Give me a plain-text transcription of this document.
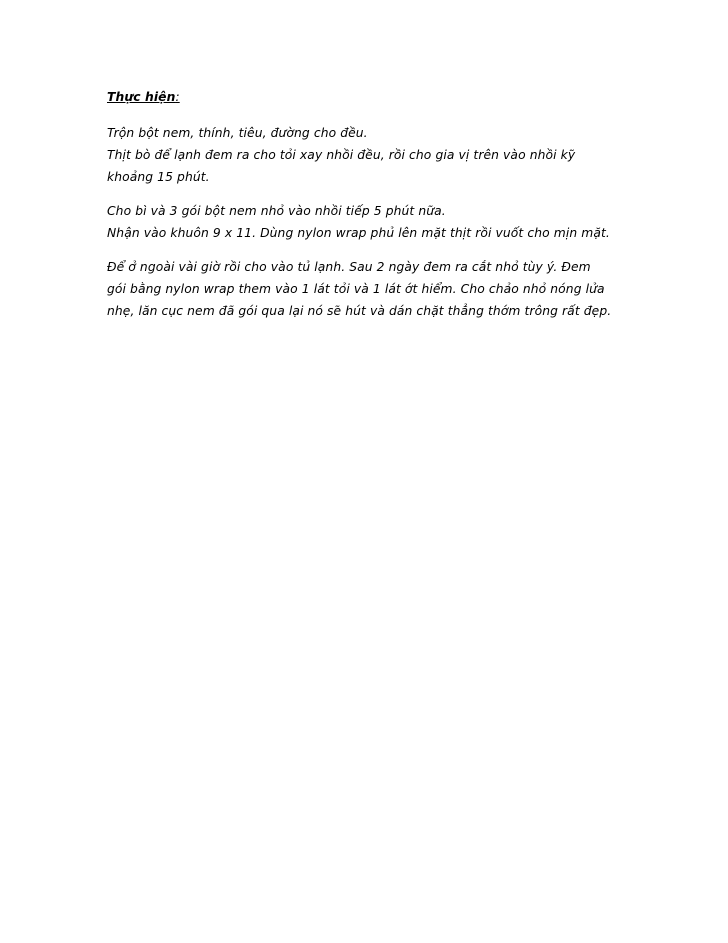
Thực hiện:
Trộn bột nem, thính, tiêu, đường cho đều.
Thịt bò để lạnh đem ra cho tỏi xay nhồi đều, rồi cho gia vị trên vào nhồi kỹ
khoảng 15 phút.
Cho bì và 3 gói bột nem nhỏ vào nhồi tiếp 5 phút nữa.
Nhận vào khuôn 9 x 11. Dùng nylon wrap phủ lên mặt thịt rồi vuốt cho mịn mặt.
Để ở ngoài vài giờ rồi cho vào tủ lạnh. Sau 2 ngày đem ra cắt nhỏ tùy ý. Đem
gói bằng nylon wrap them vào 1 lát tỏi và 1 lát ớt hiểm. Cho chảo nhỏ nóng lửa
nhẹ, lăn cục nem đã gói qua lại nó sẽ hút và dán chặt thẳng thớm trông rất đẹp.
